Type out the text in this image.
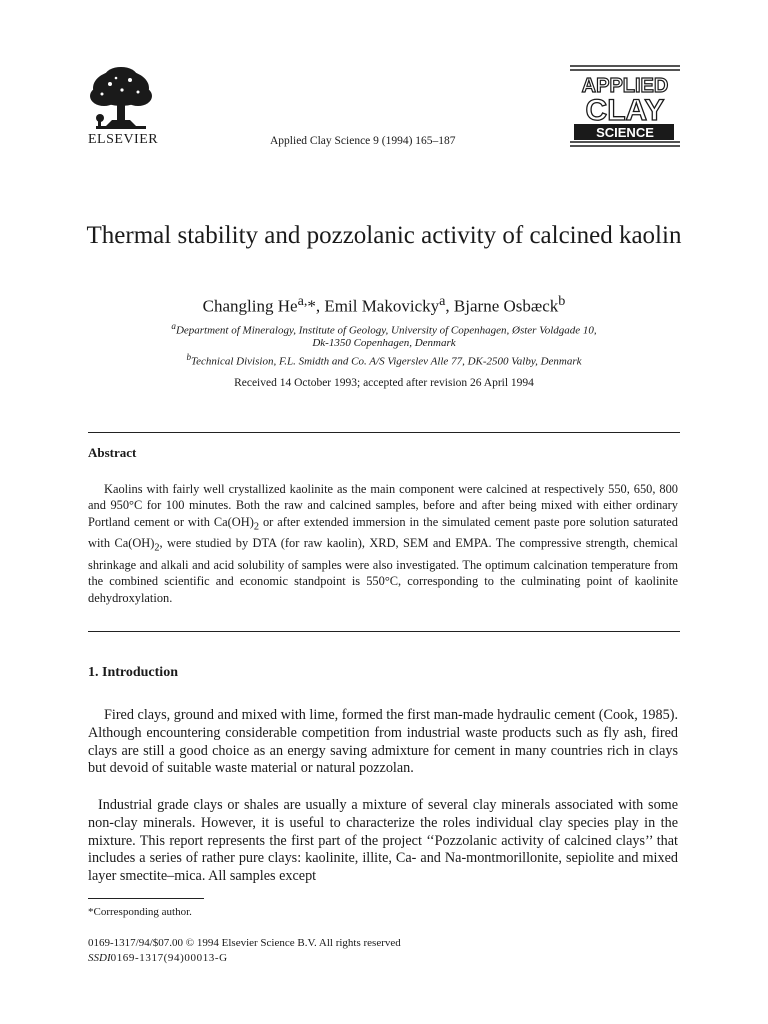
ELSEVIER	Applied Clay Science 9 (1994) 165–187
APPLIED
CLAY
SCIENCE
Thermal stability and pozzolanic activity of calcined kaolin
Changling $He^{a,}*$, Emil Makovicky$^a$, Bjarne Osbæck$^b$
$^a$Department of Mineralogy, Institute of Geology, University of Copenhagen, Øster Voldgade 10,
Dk-1350 Copenhagen, Denmark
$^b$Technical Division, F.L. Smidth and Co. A/S Vigerslev Alle 77, DK-2500 Valby, Denmark
Received 14 October 1993; accepted after revision 26 April 1994
Abstract
Kaolins with fairly well crystallized kaolinite as the main component were calcined at respectively 550, 650, 800 and 950°C for 100 minutes. Both the raw and calcined samples, before and after being mixed with either ordinary Portland cement or with $Ca(OH)_2$ or after extended immersion in the simulated cement paste pore solution saturated with $Ca(OH)_2$, were studied by DTA (for raw kaolin), XRD, SEM and EMPA. The compressive strength, chemical shrinkage and alkali and acid solubility of samples were also investigated. The optimum calcination temperature from the combined scientific and economic standpoint is 550°C, corresponding to the culminating point of kaolinite dehydroxylation.
1. Introduction
Fired clays, ground and mixed with lime, formed the first man-made hydraulic cement (Cook, 1985). Although encountering considerable competition from industrial waste products such as fly ash, fired clays are still a good choice as an energy saving admixture for cement in many countries rich in clays but devoid of suitable waste material or natural pozzolan.
Industrial grade clays or shales are usually a mixture of several clay minerals associated with some non-clay minerals. However, it is useful to characterize the roles individual clay species play in the mixture. This report represents the first part of the project ‘‘Pozzolanic activity of calcined clays’’ that includes a series of rather pure clays: kaolinite, illite, Ca- and Na-montmorillonite, sepiolite and mixed layer smectite–mica. All samples except
*Corresponding author.
0169-1317/94/$07.00 © 1994 Elsevier Science B.V. All rights reserved
SSDI0169-1317(94)00013-G
